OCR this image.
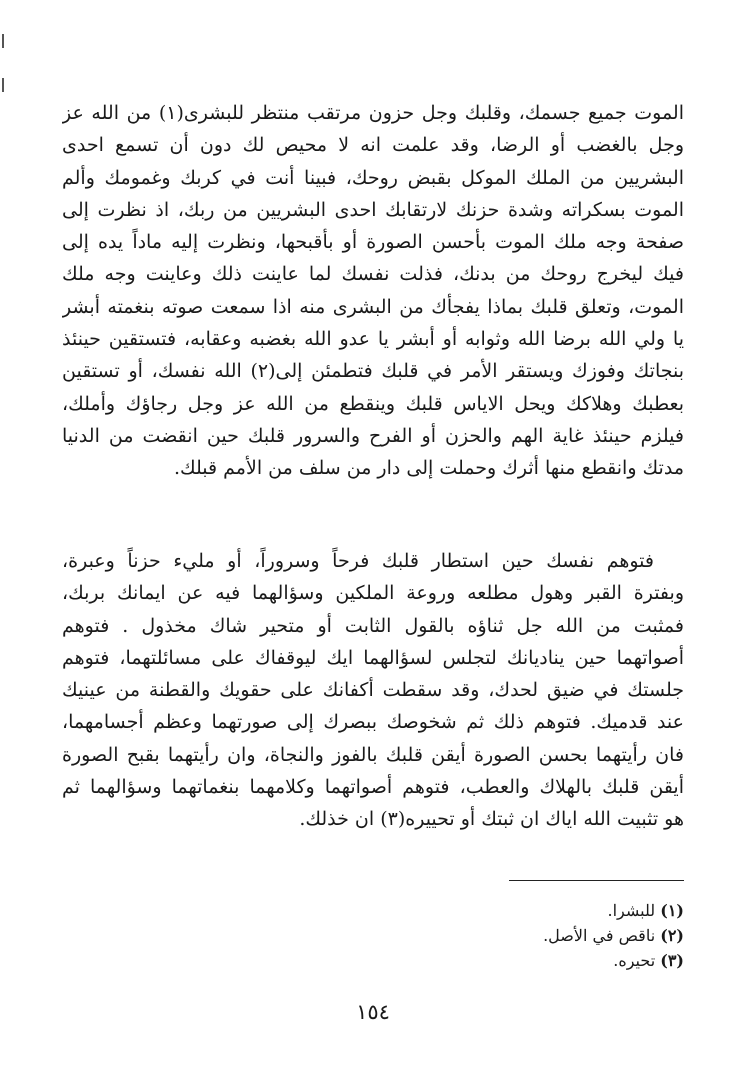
الموت جميع جسمك، وقلبك وجل حزون مرتقب منتظر للبشرى(١) من الله عز
وجل بالغضب أو الرضا، وقد علمت انه لا محيص لك دون أن تسمع احدى
البشريين من الملك الموكل بقبض روحك، فبينا أنت في كربك وغمومك وألم
الموت بسكراته وشدة حزنك لارتقابك احدى البشريين من ربك، اذ نظرت إلى
صفحة وجه ملك الموت بأحسن الصورة أو بأقبحها، ونظرت إليه ماداً يده إلى
فيك ليخرج روحك من بدنك، فذلت نفسك لما عاينت ذلك وعاينت وجه ملك
الموت، وتعلق قلبك بماذا يفجأك من البشرى منه اذا سمعت صوته بنغمته أبشر
يا ولي الله برضا الله وثوابه أو أبشر يا عدو الله بغضبه وعقابه، فتستقين حينئذ
بنجاتك وفوزك ويستقر الأمر في قلبك فتطمئن إلى(٢) الله نفسك، أو تستقين
بعطبك وهلاكك ويحل الاياس قلبك وينقطع من الله عز وجل رجاؤك وأملك،
فيلزم حينئذ غاية الهم والحزن أو الفرح والسرور قلبك حين انقضت من الدنيا
مدتك وانقطع منها أثرك وحملت إلى دار من سلف من الأمم قبلك.
فتوهم نفسك حين استطار قلبك فرحاً وسروراً، أو مليء حزناً وعبرة،
وبفترة القبر وهول مطلعه وروعة الملكين وسؤالهما فيه عن ايمانك بربك،
فمثبت من الله جل ثناؤه بالقول الثابت أو متحير شاك مخذول . فتوهم
أصواتهما حين يناديانك لتجلس لسؤالهما ايك ليوقفاك على مسائلتهما، فتوهم
جلستك في ضيق لحدك، وقد سقطت أكفانك على حقويك والقطنة من عينيك
عند قدميك. فتوهم ذلك ثم شخوصك ببصرك إلى صورتهما وعظم أجسامهما،
فان رأيتهما بحسن الصورة أيقن قلبك بالفوز والنجاة، وان رأيتهما بقبح الصورة
أيقن قلبك بالهلاك والعطب، فتوهم أصواتهما وكلامهما بنغماتهما وسؤالهما ثم
هو تثبيت الله اياك ان ثبتك أو تحييره(٣) ان خذلك.
(١) للبشرا.
(٢) ناقص في الأصل.
(٣) تحيره.
١٥٤
